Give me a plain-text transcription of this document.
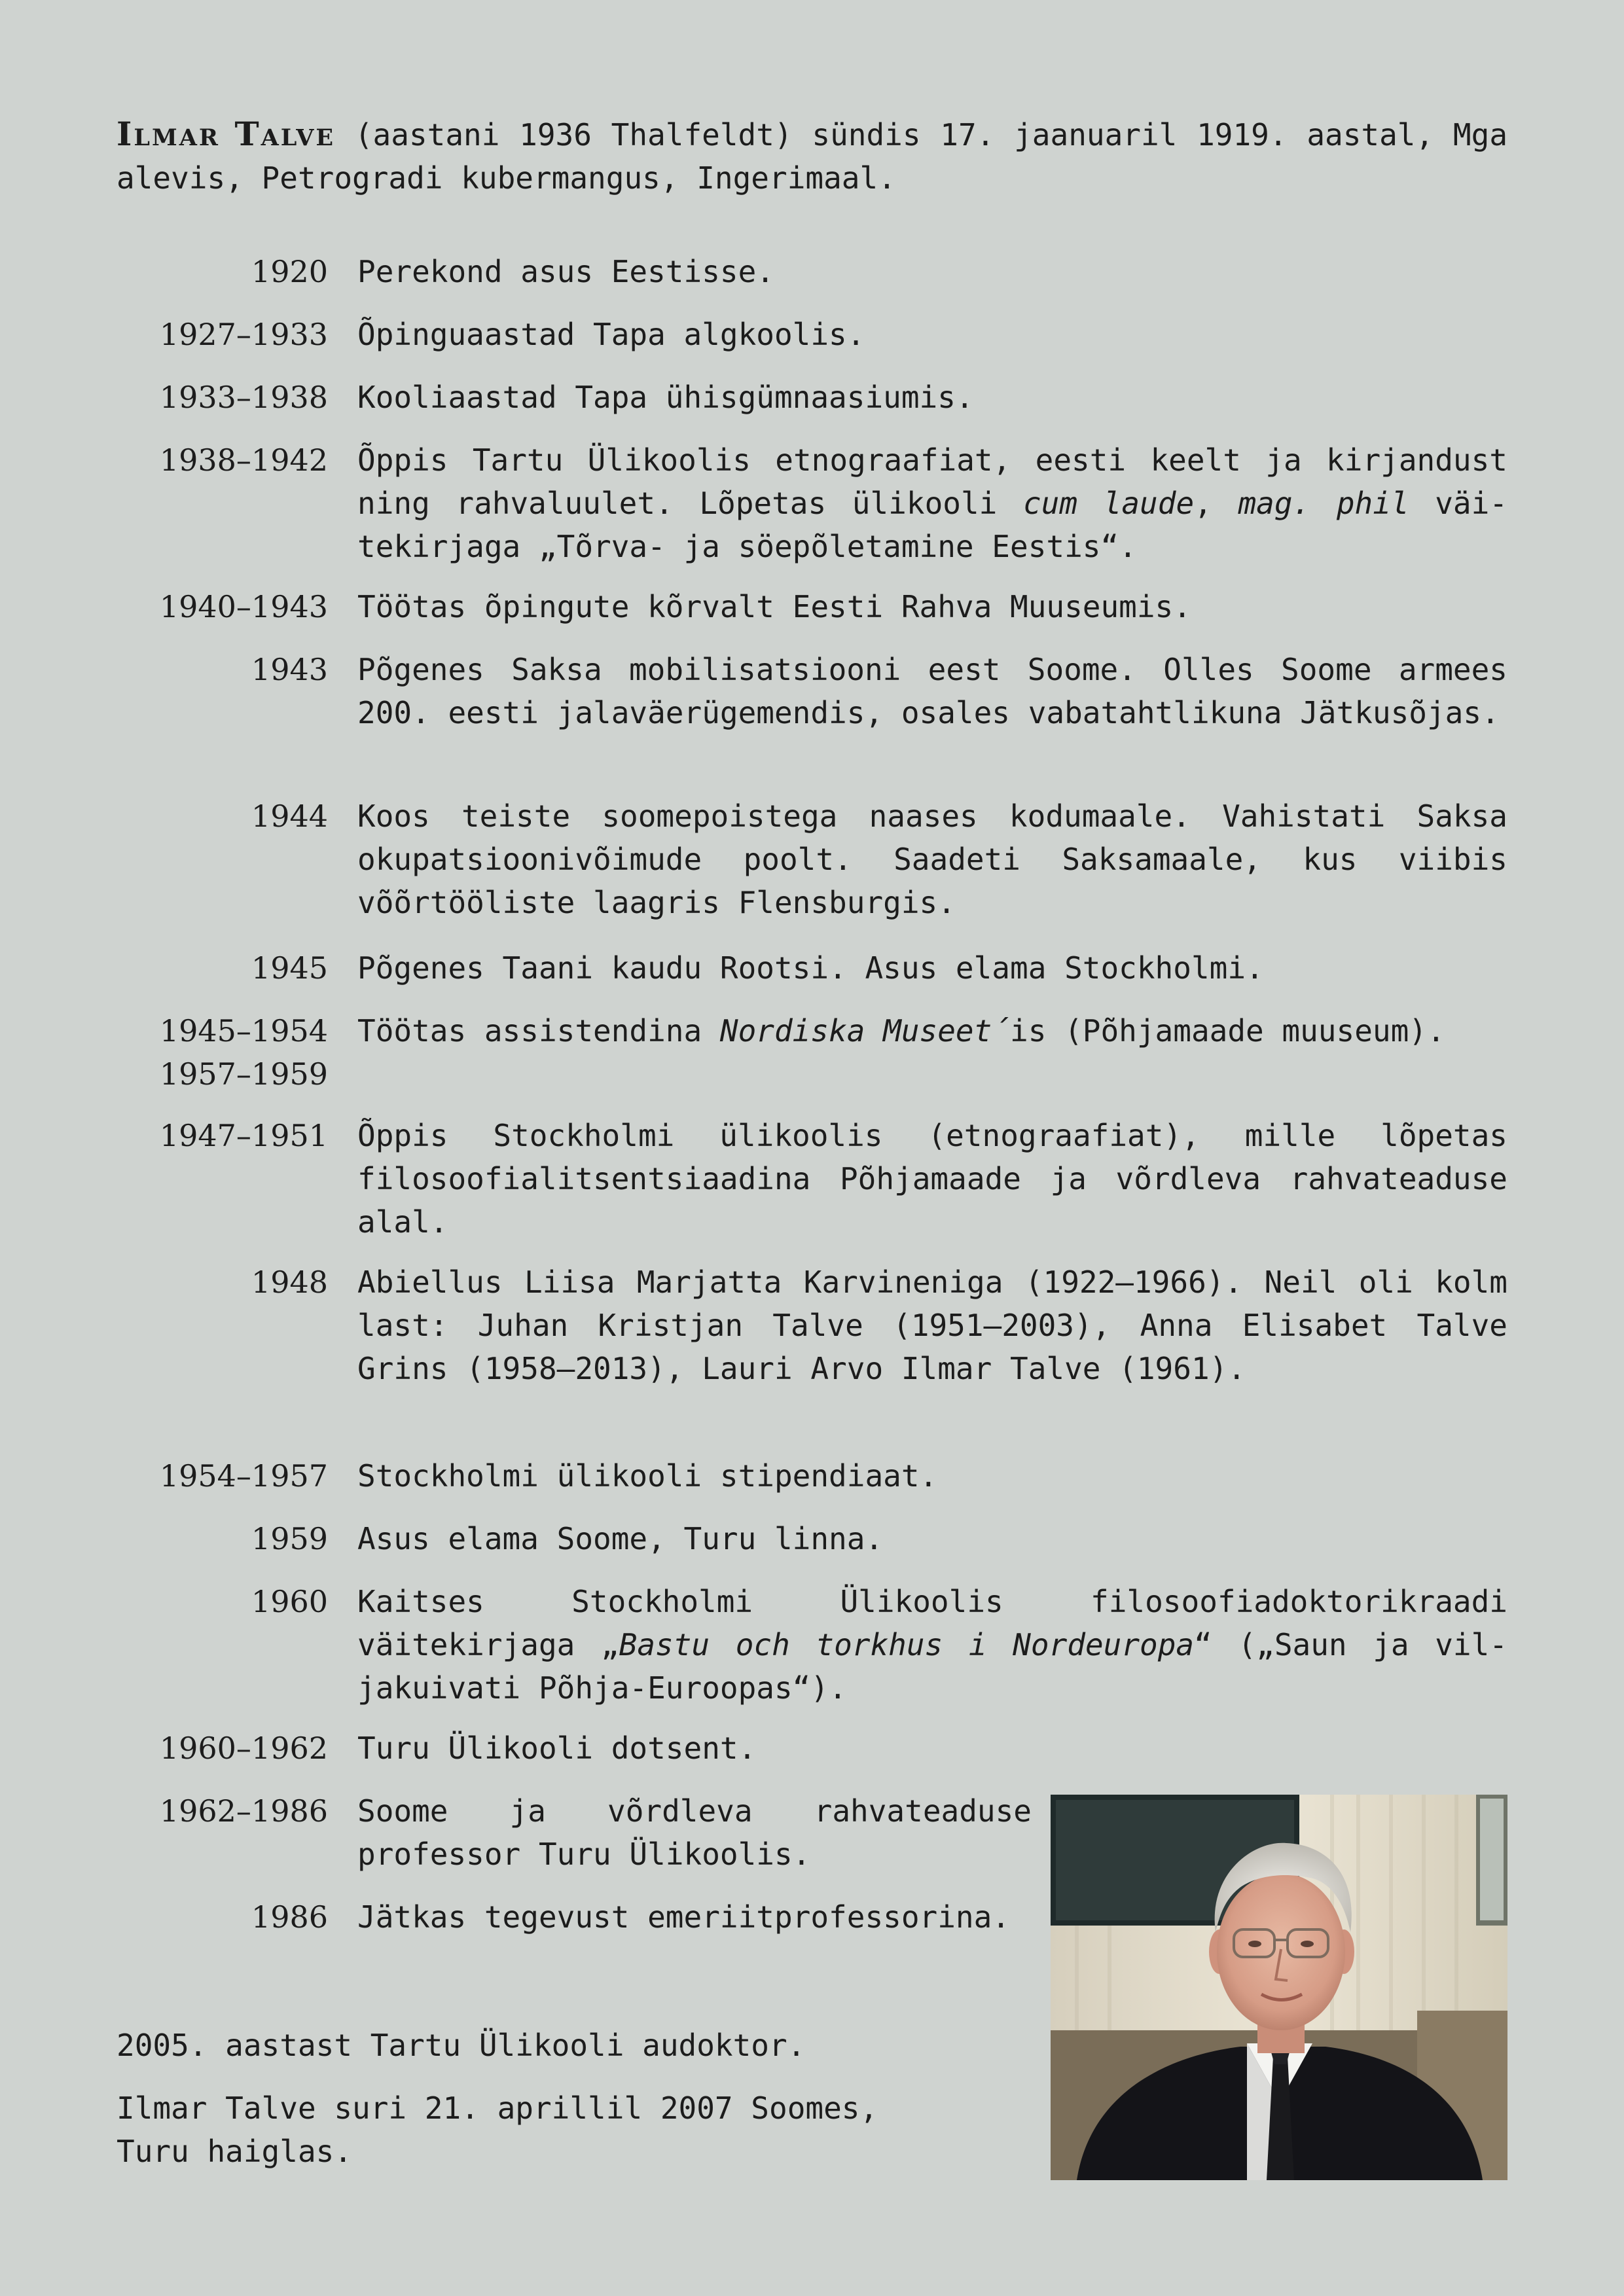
Ilmar Talve (aastani 1936 Thalfeldt) sündis 17. jaanuaril 1919. aastal, Mga alevis, Petrogradi kubermangus, Ingerimaal.
1920 Perekond asus Eestisse.
1927–1933 Õpinguaastad Tapa algkoolis.
1933–1938 Kooliaastad Tapa ühisgümnaasiumis.
1938–1942 Õppis Tartu Ülikoolis etnograafiat, eesti keelt ja kirjandust ning rahvaluulet. Lõpetas ülikooli cum laude, mag. phil väitekirjaga „Tõrva- ja söepõletamine Eestis“.
1940–1943 Töötas õpingute kõrvalt Eesti Rahva Muuseumis.
1943 Põgenes Saksa mobilisatsiooni eest Soome. Olles Soome armees 200. eesti jalaväerügemendis, osales vabatahtlikuna Jätkusõjas.
1944 Koos teiste soomepoistega naases kodumaale. Vahistati Saksa okupatsioonivõimude poolt. Saadeti Saksamaale, kus viibis võõrtööliste laagris Flensburgis.
1945 Põgenes Taani kaudu Rootsi. Asus elama Stockholmi.
1945–1954
1957–1959
Töötas assistendina Nordiska Museet´is (Põhjamaade muuseum).
1947–1951 Õppis Stockholmi ülikoolis (etnograafiat), mille lõpetas filosoofialitsentsiaadina Põhjamaade ja võrdleva rahvateaduse alal.
1948 Abiellus Liisa Marjatta Karvineniga (1922–1966). Neil oli kolm last: Juhan Kristjan Talve (1951–2003), Anna Elisabet Talve Grins (1958–2013), Lauri Arvo Ilmar Talve (1961).
1954–1957 Stockholmi ülikooli stipendiaat.
1959 Asus elama Soome, Turu linna.
1960 Kaitses Stockholmi Ülikoolis filosoofiadoktorikraadi väitekirjaga „Bastu och torkhus i Nordeuropa“ („Saun ja viljakuivati Põhja-Euroopas“).
1960–1962 Turu Ülikooli dotsent.
1962–1986 Soome ja võrdleva rahvateaduse professor Turu Ülikoolis.
1986 Jätkas tegevust emeriitprofessorina.
2005. aastast Tartu Ülikooli audoktor.
Ilmar Talve suri 21. aprillil 2007 Soomes,
Turu haiglas.
